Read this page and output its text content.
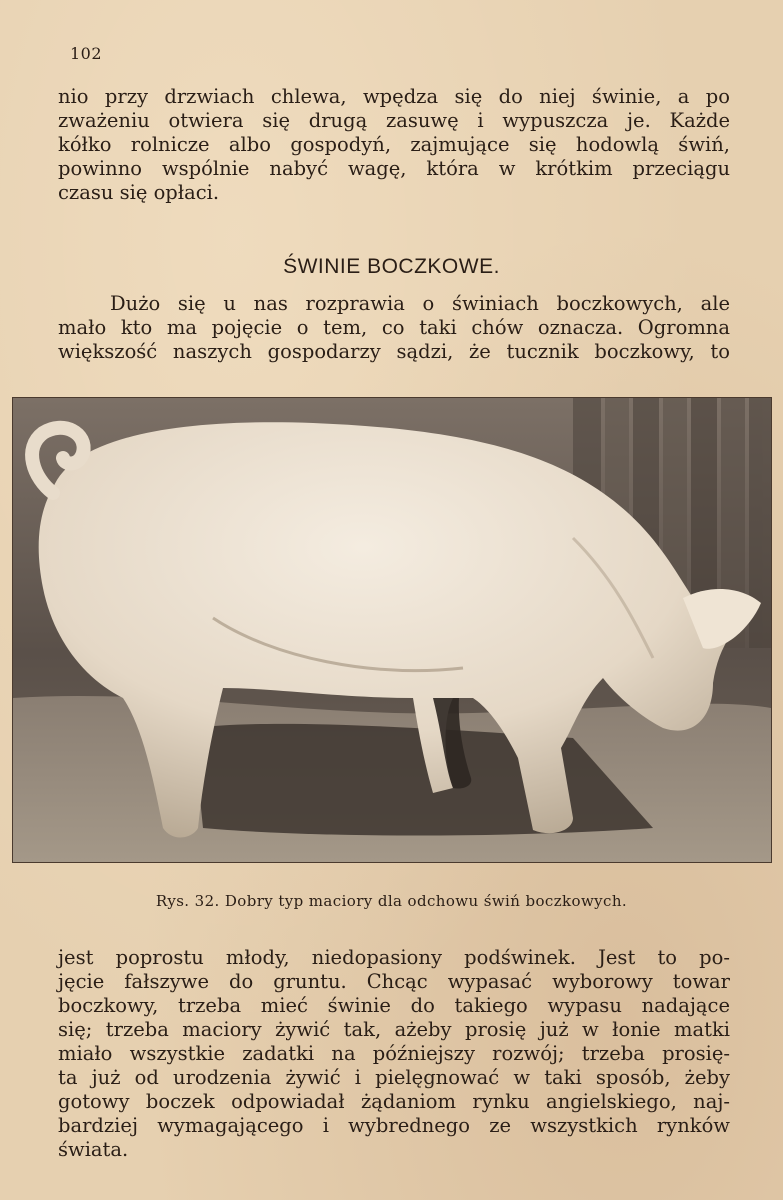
102

nio przy drzwiach chlewa, wpędza się do niej świnie, a po
zważeniu otwiera się drugą zasuwę i wypuszcza je. Każde
kółko rolnicze albo gospodyń, zajmujące się hodowlą świń,
powinno wspólnie nabyć wagę, która w krótkim przeciągu
czasu się opłaci.

ŚWINIE BOCZKOWE.

Dużo się u nas rozprawia o świniach boczkowych, ale
mało kto ma pojęcie o tem, co taki chów oznacza. Ogromna
większość naszych gospodarzy sądzi, że tucznik boczkowy, to

Rys. 32. Dobry typ maciory dla odchowu świń boczkowych.

jest poprostu młody, niedopasiony podświnek. Jest to po-
jęcie fałszywe do gruntu. Chcąc wypasać wyborowy towar
boczkowy, trzeba mieć świnie do takiego wypasu nadające
się; trzeba maciory żywić tak, ażeby prosię już w łonie matki
miało wszystkie zadatki na późniejszy rozwój; trzeba prosię-
ta już od urodzenia żywić i pielęgnować w taki sposób, żeby
gotowy boczek odpowiadał żądaniom rynku angielskiego, naj-
bardziej wymagającego i wybrednego ze wszystkich rynków
świata.
